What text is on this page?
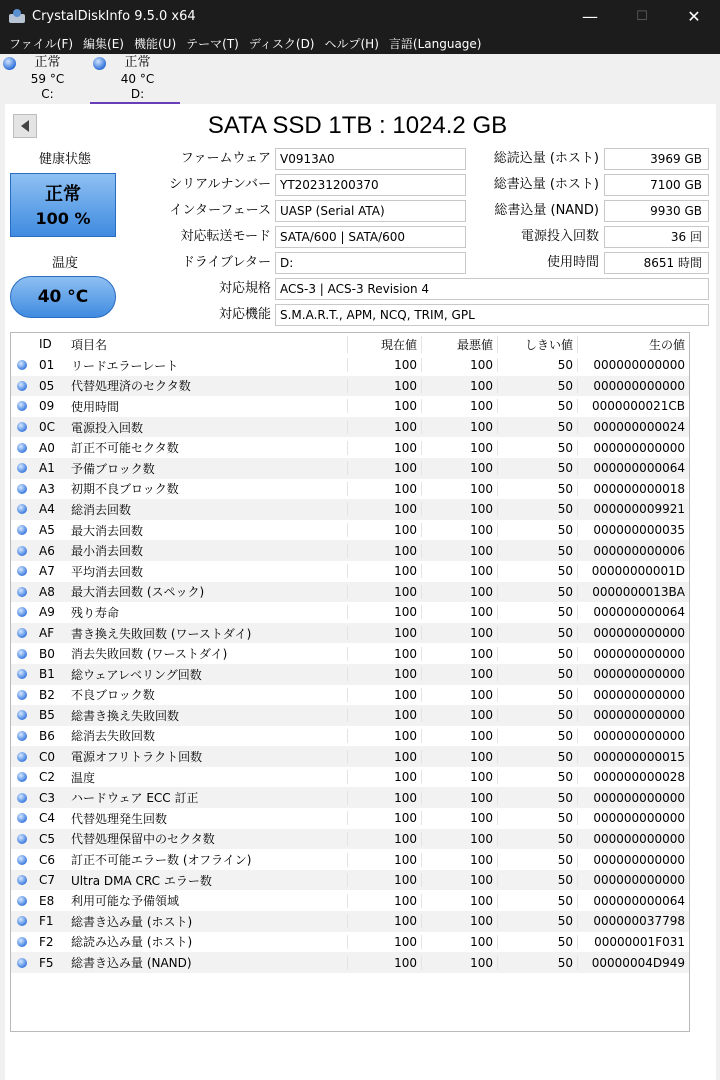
CrystalDiskInfo 9.5.0 x64	—	☐	✕
ファイル(F) 編集(E) 機能(U) テーマ(T) ディスク(D) ヘルプ(H) 言語(Language)
正常
59 °C
C:
正常
40 °C
D:
SATA SSD 1TB : 1024.2 GB
健康状態
正常
100 %
温度
40 °C
ファームウェア V0913A0
シリアルナンバー YT20231200370
インターフェース UASP (Serial ATA)
対応転送モード SATA/600 | SATA/600
ドライブレター D:
総読込量 (ホスト)	3969 GB
総書込量 (ホスト)	7100 GB
総書込量 (NAND)	9930 GB
電源投入回数	36 回
使用時間	8651 時間
対応規格 ACS-3 | ACS-3 Revision 4
対応機能 S.M.A.R.T., APM, NCQ, TRIM, GPL
ID	項目名	現在値	最悪値	しきい値	生の値
01	リードエラーレート	100	100	50	000000000000
05	代替処理済のセクタ数	100	100	50	000000000000
09	使用時間	100	100	50	0000000021CB
0C	電源投入回数	100	100	50	000000000024
A0	訂正不可能セクタ数	100	100	50	000000000000
A1	予備ブロック数	100	100	50	000000000064
A3	初期不良ブロック数	100	100	50	000000000018
A4	総消去回数	100	100	50	000000009921
A5	最大消去回数	100	100	50	000000000035
A6	最小消去回数	100	100	50	000000000006
A7	平均消去回数	100	100	50	00000000001D
A8	最大消去回数 (スペック)	100	100	50	0000000013BA
A9	残り寿命	100	100	50	000000000064
AF	書き換え失敗回数 (ワーストダイ)	100	100	50	000000000000
B0	消去失敗回数 (ワーストダイ)	100	100	50	000000000000
B1	総ウェアレベリング回数	100	100	50	000000000000
B2	不良ブロック数	100	100	50	000000000000
B5	総書き換え失敗回数	100	100	50	000000000000
B6	総消去失敗回数	100	100	50	000000000000
C0	電源オフリトラクト回数	100	100	50	000000000015
C2	温度	100	100	50	000000000028
C3	ハードウェア ECC 訂正	100	100	50	000000000000
C4	代替処理発生回数	100	100	50	000000000000
C5	代替処理保留中のセクタ数	100	100	50	000000000000
C6	訂正不可能エラー数 (オフライン)	100	100	50	000000000000
C7	Ultra DMA CRC エラー数	100	100	50	000000000000
E8	利用可能な予備領域	100	100	50	000000000064
F1	総書き込み量 (ホスト)	100	100	50	000000037798
F2	総読み込み量 (ホスト)	100	100	50	00000001F031
F5	総書き込み量 (NAND)	100	100	50	00000004D949
